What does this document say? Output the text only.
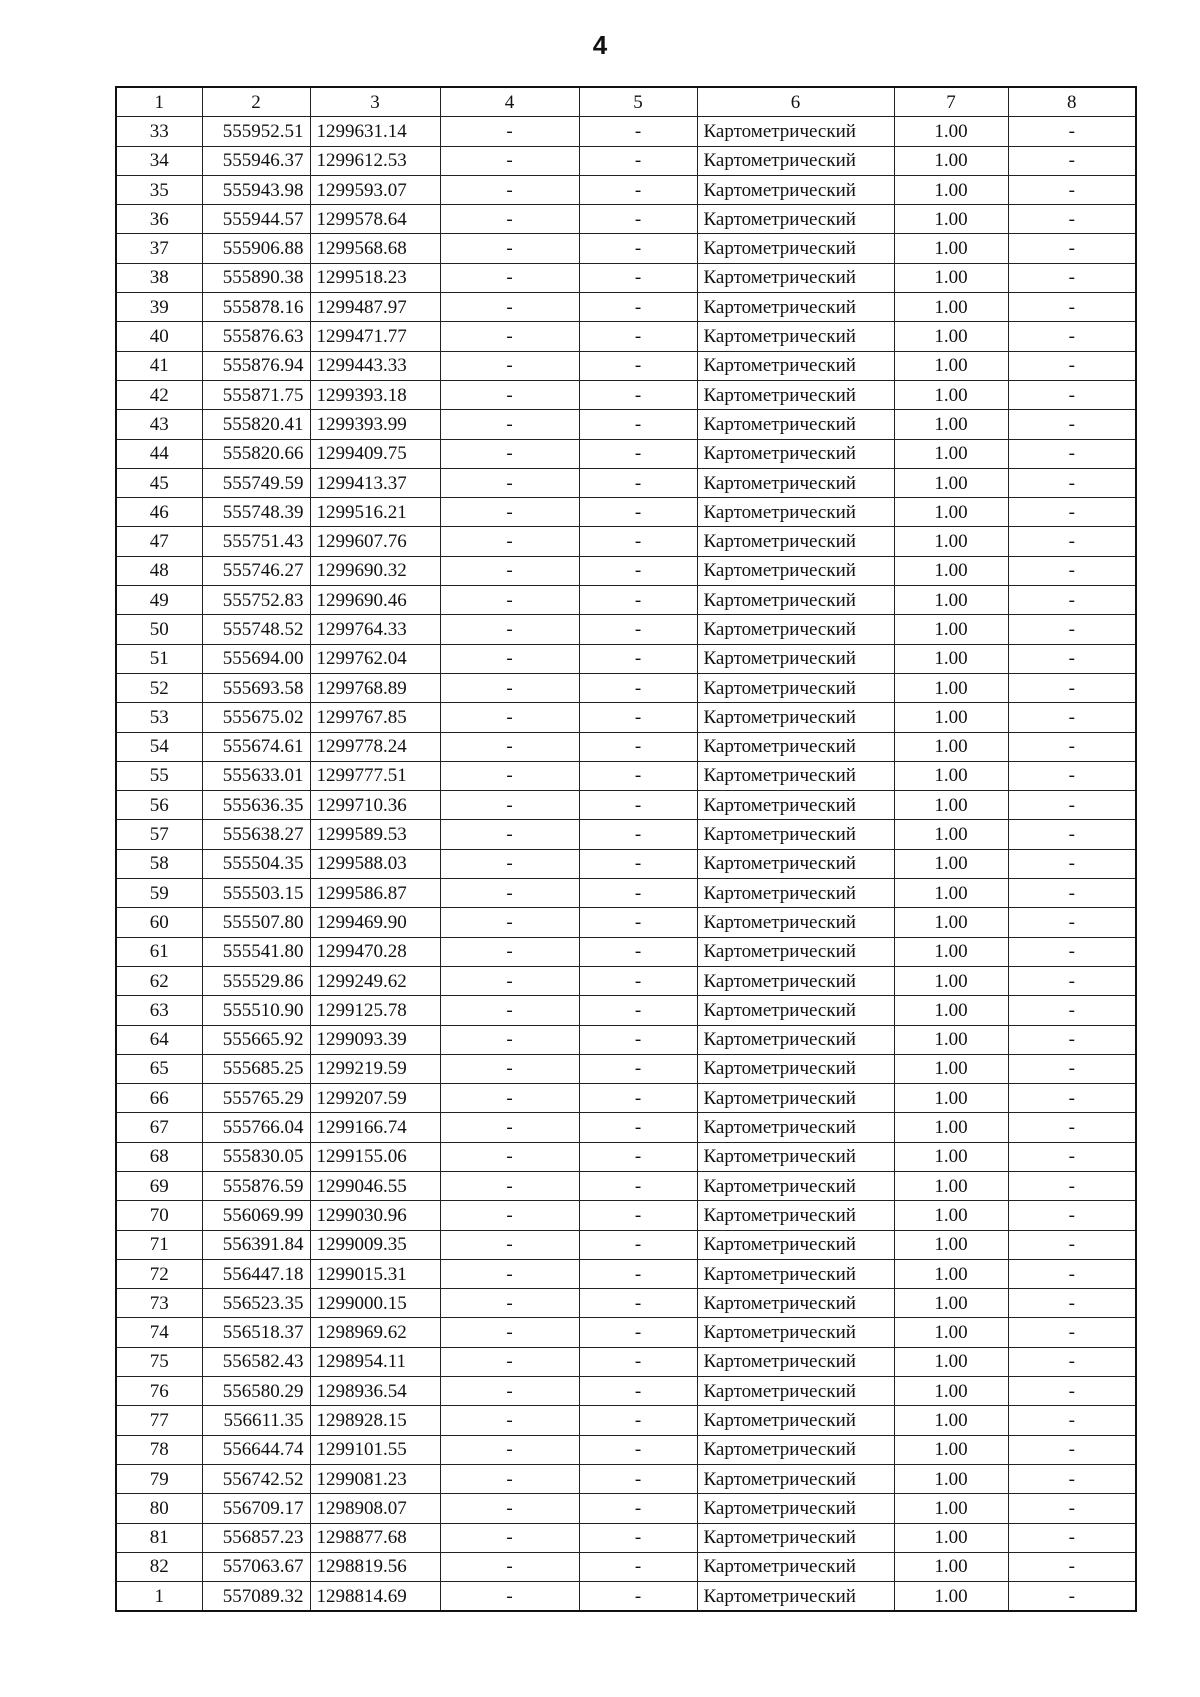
4
1	2	3	4	5	6	7	8
33	555952.51	1299631.14	-	-	Картометрический	1.00	-
34	555946.37	1299612.53	-	-	Картометрический	1.00	-
35	555943.98	1299593.07	-	-	Картометрический	1.00	-
36	555944.57	1299578.64	-	-	Картометрический	1.00	-
37	555906.88	1299568.68	-	-	Картометрический	1.00	-
38	555890.38	1299518.23	-	-	Картометрический	1.00	-
39	555878.16	1299487.97	-	-	Картометрический	1.00	-
40	555876.63	1299471.77	-	-	Картометрический	1.00	-
41	555876.94	1299443.33	-	-	Картометрический	1.00	-
42	555871.75	1299393.18	-	-	Картометрический	1.00	-
43	555820.41	1299393.99	-	-	Картометрический	1.00	-
44	555820.66	1299409.75	-	-	Картометрический	1.00	-
45	555749.59	1299413.37	-	-	Картометрический	1.00	-
46	555748.39	1299516.21	-	-	Картометрический	1.00	-
47	555751.43	1299607.76	-	-	Картометрический	1.00	-
48	555746.27	1299690.32	-	-	Картометрический	1.00	-
49	555752.83	1299690.46	-	-	Картометрический	1.00	-
50	555748.52	1299764.33	-	-	Картометрический	1.00	-
51	555694.00	1299762.04	-	-	Картометрический	1.00	-
52	555693.58	1299768.89	-	-	Картометрический	1.00	-
53	555675.02	1299767.85	-	-	Картометрический	1.00	-
54	555674.61	1299778.24	-	-	Картометрический	1.00	-
55	555633.01	1299777.51	-	-	Картометрический	1.00	-
56	555636.35	1299710.36	-	-	Картометрический	1.00	-
57	555638.27	1299589.53	-	-	Картометрический	1.00	-
58	555504.35	1299588.03	-	-	Картометрический	1.00	-
59	555503.15	1299586.87	-	-	Картометрический	1.00	-
60	555507.80	1299469.90	-	-	Картометрический	1.00	-
61	555541.80	1299470.28	-	-	Картометрический	1.00	-
62	555529.86	1299249.62	-	-	Картометрический	1.00	-
63	555510.90	1299125.78	-	-	Картометрический	1.00	-
64	555665.92	1299093.39	-	-	Картометрический	1.00	-
65	555685.25	1299219.59	-	-	Картометрический	1.00	-
66	555765.29	1299207.59	-	-	Картометрический	1.00	-
67	555766.04	1299166.74	-	-	Картометрический	1.00	-
68	555830.05	1299155.06	-	-	Картометрический	1.00	-
69	555876.59	1299046.55	-	-	Картометрический	1.00	-
70	556069.99	1299030.96	-	-	Картометрический	1.00	-
71	556391.84	1299009.35	-	-	Картометрический	1.00	-
72	556447.18	1299015.31	-	-	Картометрический	1.00	-
73	556523.35	1299000.15	-	-	Картометрический	1.00	-
74	556518.37	1298969.62	-	-	Картометрический	1.00	-
75	556582.43	1298954.11	-	-	Картометрический	1.00	-
76	556580.29	1298936.54	-	-	Картометрический	1.00	-
77	556611.35	1298928.15	-	-	Картометрический	1.00	-
78	556644.74	1299101.55	-	-	Картометрический	1.00	-
79	556742.52	1299081.23	-	-	Картометрический	1.00	-
80	556709.17	1298908.07	-	-	Картометрический	1.00	-
81	556857.23	1298877.68	-	-	Картометрический	1.00	-
82	557063.67	1298819.56	-	-	Картометрический	1.00	-
1	557089.32	1298814.69	-	-	Картометрический	1.00	-
